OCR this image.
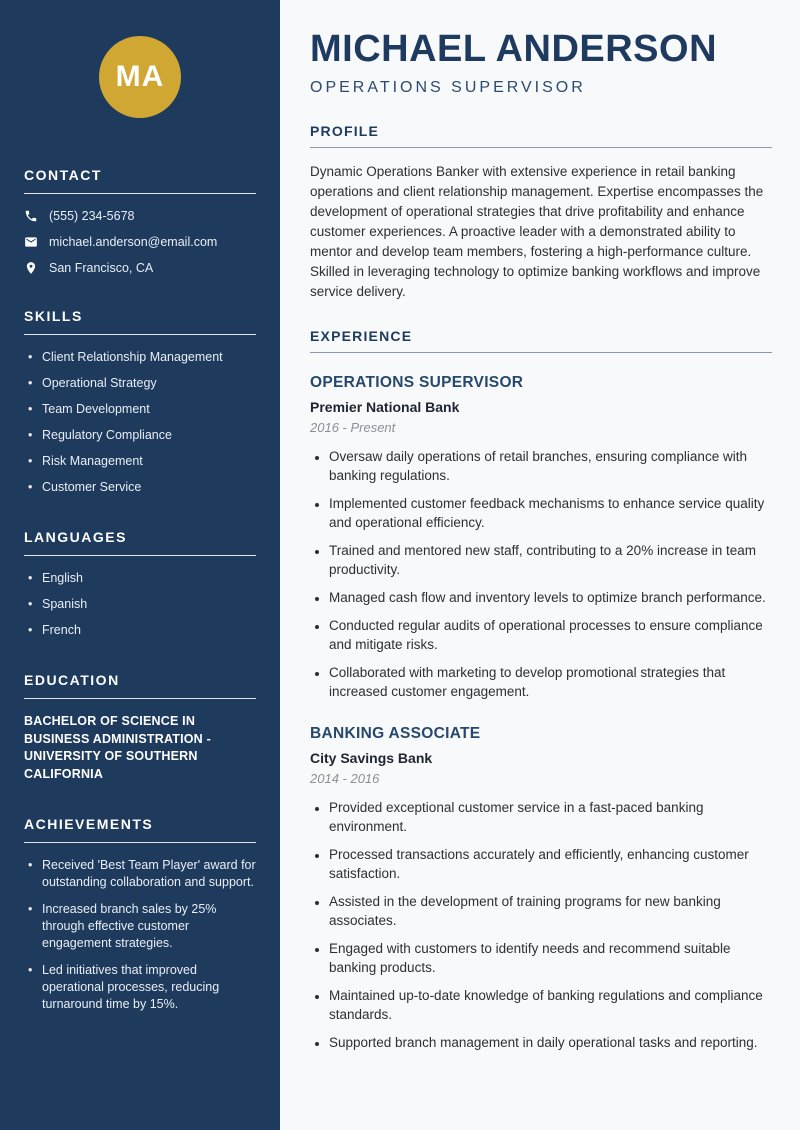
MA
CONTACT
(555) 234-5678
michael.anderson@email.com
San Francisco, CA
SKILLS
• Client Relationship Management
• Operational Strategy
• Team Development
• Regulatory Compliance
• Risk Management
• Customer Service
LANGUAGES
• English
• Spanish
• French
EDUCATION
BACHELOR OF SCIENCE IN BUSINESS ADMINISTRATION - UNIVERSITY OF SOUTHERN CALIFORNIA
ACHIEVEMENTS
• Received 'Best Team Player' award for outstanding collaboration and support.
• Increased branch sales by 25% through effective customer engagement strategies.
• Led initiatives that improved operational processes, reducing turnaround time by 15%.
MICHAEL ANDERSON
OPERATIONS SUPERVISOR
PROFILE

Dynamic Operations Banker with extensive experience in retail banking operations and client relationship management. Expertise encompasses the development of operational strategies that drive profitability and enhance customer experiences. A proactive leader with a demonstrated ability to mentor and develop team members, fostering a high-performance culture. Skilled in leveraging technology to optimize banking workflows and improve service delivery.

EXPERIENCE
OPERATIONS SUPERVISOR
Premier National Bank
2016 - Present
• Oversaw daily operations of retail branches, ensuring compliance with banking regulations.
• Implemented customer feedback mechanisms to enhance service quality and operational efficiency.
• Trained and mentored new staff, contributing to a 20% increase in team productivity.
• Managed cash flow and inventory levels to optimize branch performance.
• Conducted regular audits of operational processes to ensure compliance and mitigate risks.
• Collaborated with marketing to develop promotional strategies that increased customer engagement.
BANKING ASSOCIATE
City Savings Bank
2014 - 2016
• Provided exceptional customer service in a fast-paced banking environment.
• Processed transactions accurately and efficiently, enhancing customer satisfaction.
• Assisted in the development of training programs for new banking associates.
• Engaged with customers to identify needs and recommend suitable banking products.
• Maintained up-to-date knowledge of banking regulations and compliance standards.
• Supported branch management in daily operational tasks and reporting.
